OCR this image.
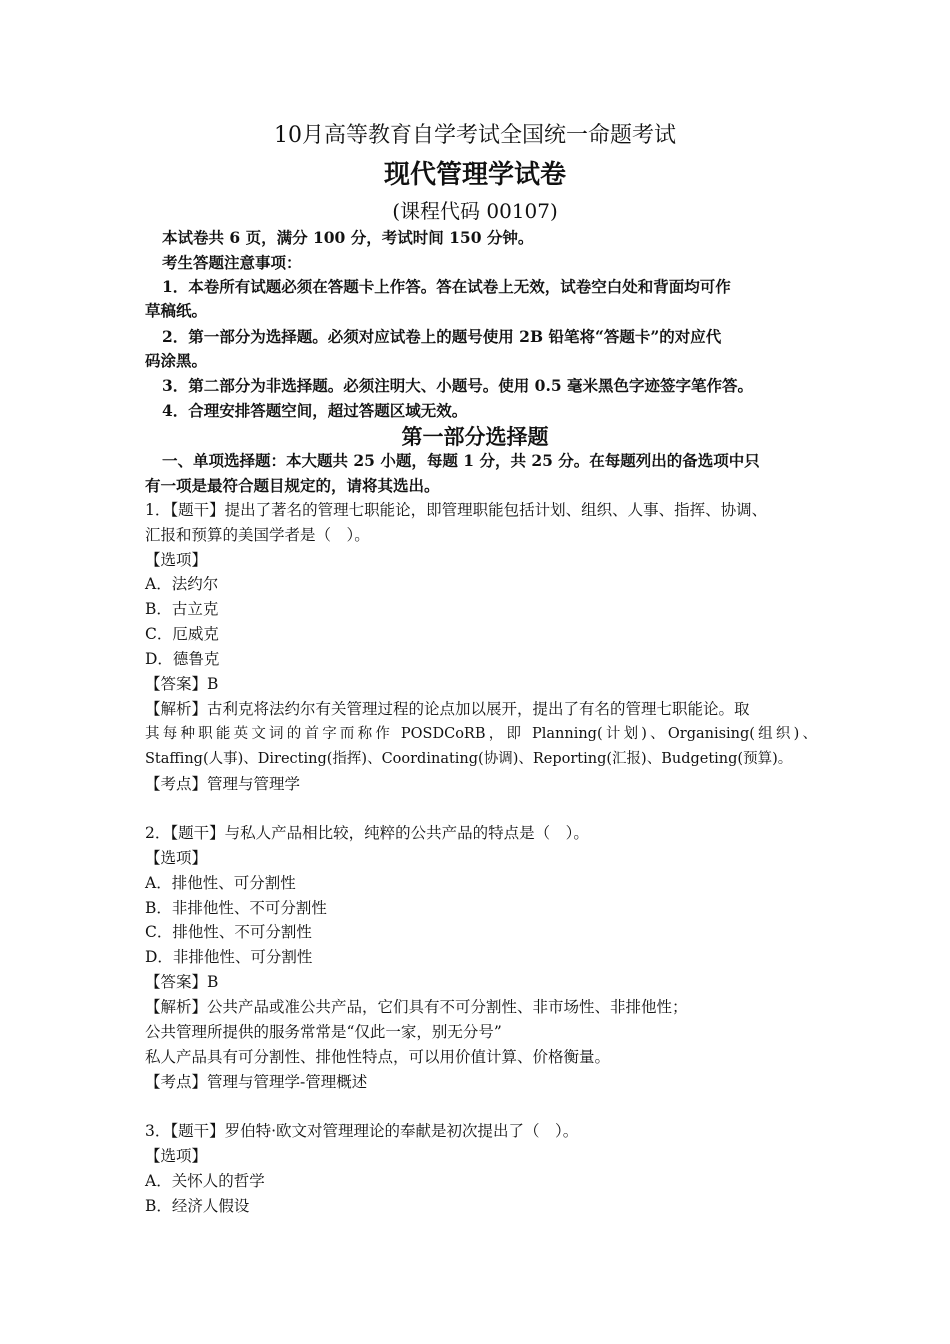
10月高等教育自学考试全国统一命题考试
现代管理学试卷
(课程代码 00107)
本试卷共 6 页，满分 100 分，考试时间 150 分钟。
考生答题注意事项：
1．本卷所有试题必须在答题卡上作答。答在试卷上无效，试卷空白处和背面均可作
草稿纸。
2．第一部分为选择题。必须对应试卷上的题号使用 2B 铅笔将“答题卡”的对应代
码涂黑。
3．第二部分为非选择题。必须注明大、小题号。使用 0.5 毫米黑色字迹签字笔作答。
4．合理安排答题空间，超过答题区域无效。
第一部分选择题
一、单项选择题：本大题共 25 小题，每题 1 分，共 25 分。在每题列出的备选项中只
有一项是最符合题目规定的，请将其选出。
1．【题干】提出了著名的管理七职能论，即管理职能包括计划、组织、人事、指挥、协调、
汇报和预算的美国学者是（　）。
【选项】
A．法约尔
B．古立克
C．厄威克
D．德鲁克
【答案】B
【解析】古利克将法约尔有关管理过程的论点加以展开，提出了有名的管理七职能论。取
其每种职能英文词的首字而称作 POSDCoRB，即 Planning(计划)、Organising(组织)、
Staffing(人事)、Directing(指挥)、Coordinating(协调)、Reporting(汇报)、Budgeting(预算)。
【考点】管理与管理学
2．【题干】与私人产品相比较，纯粹的公共产品的特点是（　）。
【选项】
A．排他性、可分割性
B．非排他性、不可分割性
C．排他性、不可分割性
D．非排他性、可分割性
【答案】B
【解析】公共产品或准公共产品，它们具有不可分割性、非市场性、非排他性；
公共管理所提供的服务常常是“仅此一家，别无分号”
私人产品具有可分割性、排他性特点，可以用价值计算、价格衡量。
【考点】管理与管理学-管理概述
3．【题干】罗伯特·欧文对管理理论的奉献是初次提出了（　）。
【选项】
A．关怀人的哲学
B．经济人假设
